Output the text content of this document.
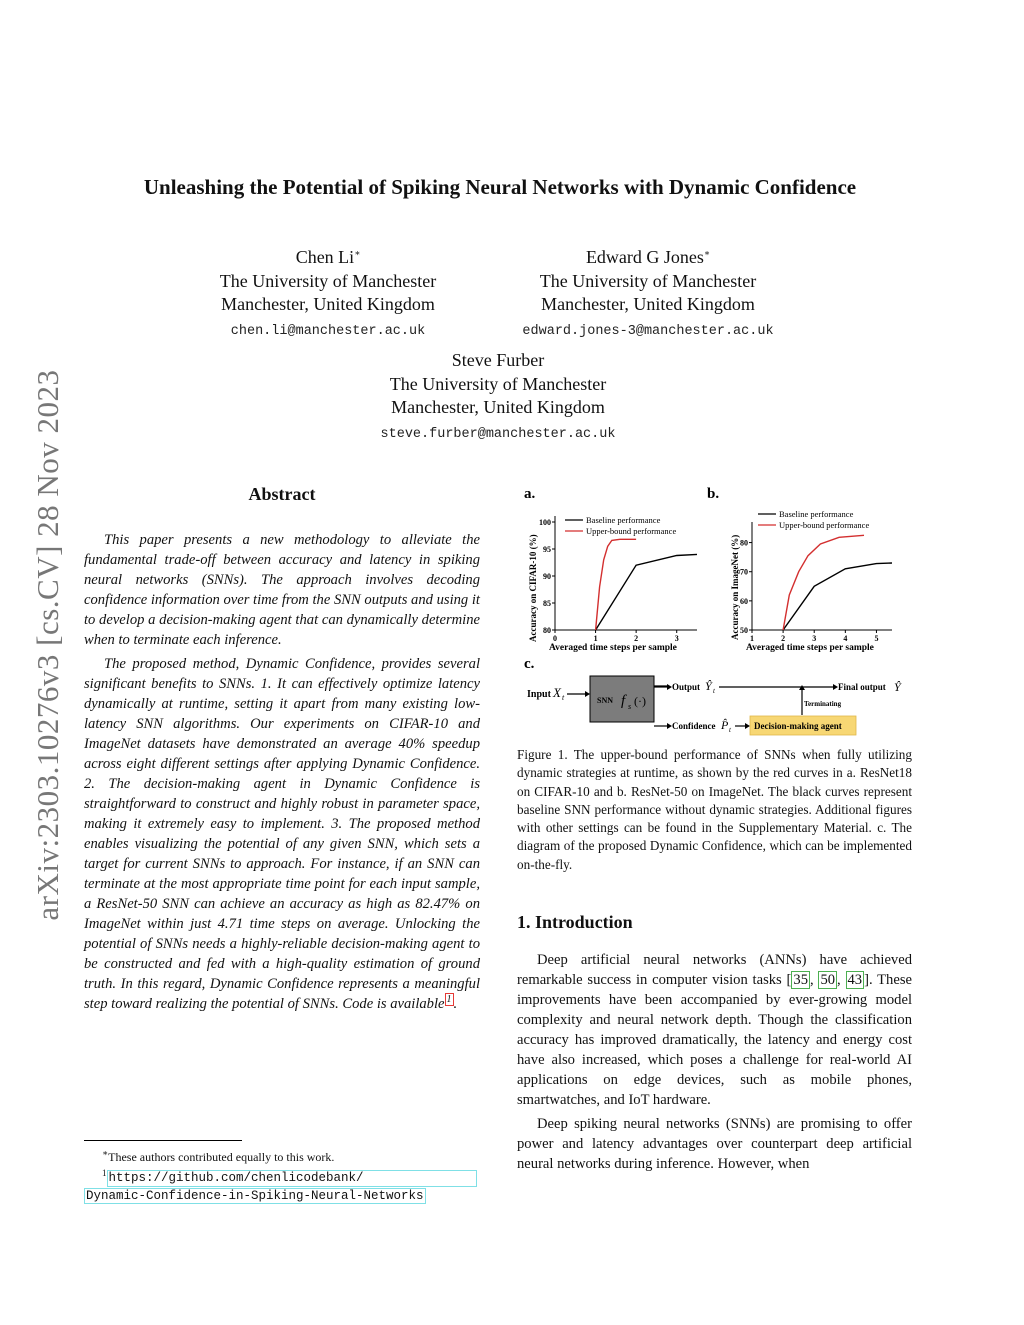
arXiv:2303.10276v3 [cs.CV] 28 Nov 2023
Unleashing the Potential of Spiking Neural Networks with Dynamic Confidence
Chen Li∗
The University of Manchester
Manchester, United Kingdom
chen.li@manchester.ac.uk
Edward G Jones∗
The University of Manchester
Manchester, United Kingdom
edward.jones-3@manchester.ac.uk
Steve Furber
The University of Manchester
Manchester, United Kingdom
steve.furber@manchester.ac.uk
Abstract

This paper presents a new methodology to alleviate the fundamental trade-off between accuracy and latency in spiking neural networks (SNNs). The approach involves decoding confidence information over time from the SNN outputs and using it to develop a decision-making agent that can dynamically determine when to terminate each inference.

The proposed method, Dynamic Confidence, provides several significant benefits to SNNs. 1. It can effectively optimize latency dynamically at runtime, setting it apart from many existing low-latency SNN algorithms. Our experiments on CIFAR-10 and ImageNet datasets have demonstrated an average 40% speedup across eight different settings after applying Dynamic Confidence. 2. The decision-making agent in Dynamic Confidence is straightforward to construct and highly robust in parameter space, making it extremely easy to implement. 3. The proposed method enables visualizing the potential of any given SNN, which sets a target for current SNNs to approach. For instance, if an SNN can terminate at the most appropriate time point for each input sample, a ResNet-50 SNN can achieve an accuracy as high as 82.47% on ImageNet within just 4.71 time steps on average. Unlocking the potential of SNNs needs a highly-reliable decision-making agent to be constructed and fed with a high-quality estimation of ground truth. In this regard, Dynamic Confidence represents a meaningful step toward realizing the potential of SNNs. Code is available $^1$ .

∗These authors contributed equally to this work.
$^1$ https://github.com/chenlicodebank/
Dynamic-Confidence-in-Spiking-Neural-Networks
a.	b.
c.
Accuracy on CIFAR-10 (%)
Averaged time steps per sample
0	1	2	3
80
85
90
95
100	Baseline performance
Upper-bound performance
Accuracy on ImageNet (%)
Averaged time steps per sample
1	2	3	4	5
50
60
70
80
Baseline performance
Upper-bound performance
Input X t	SNN f s (·)
Output Ŷ t	Final output Ŷ
Terminating
Confidence P̂ t	Decision-making agent
Figure 1. The upper-bound performance of SNNs when fully utilizing dynamic strategies at runtime, as shown by the red curves in a. ResNet18 on CIFAR-10 and b. ResNet-50 on ImageNet. The black curves represent baseline SNN performance without dynamic strategies. Additional figures with other settings can be found in the Supplementary Material. c. The diagram of the proposed Dynamic Confidence, which can be implemented on-the-fly.
1. Introduction

Deep artificial neural networks (ANNs) have achieved remarkable success in computer vision tasks [ 35 , 50 , 43 ]. These improvements have been accompanied by ever-growing model complexity and neural network depth. Though the classification accuracy has improved dramatically, the latency and energy cost have also increased, which poses a challenge for real-world AI applications on edge devices, such as mobile phones, smartwatches, and IoT hardware.

Deep spiking neural networks (SNNs) are promising to offer power and latency advantages over counterpart deep artificial neural networks during inference. However, when
